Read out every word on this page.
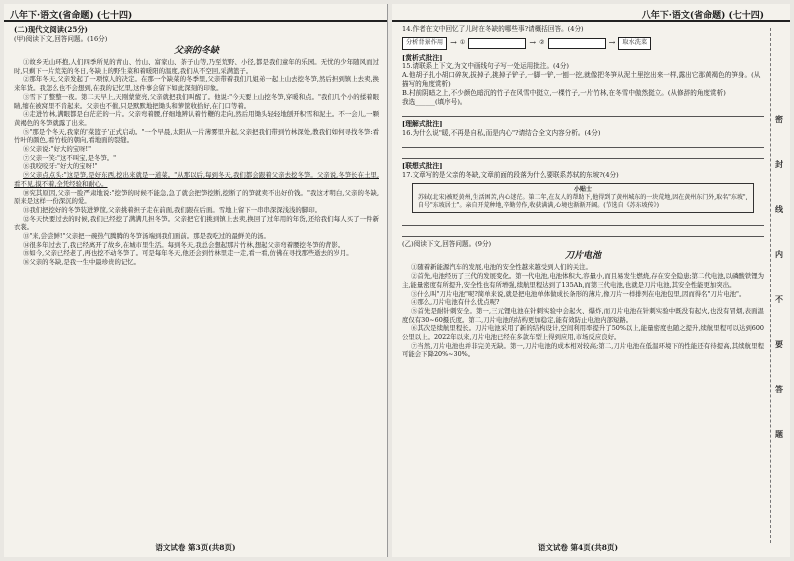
八年下·语文(省命题) (七十四)
(二)现代文阅读(25分)
(甲)阅读下文,回答问题。(16分)
父亲的冬缺

①故乡无山环抱,人们四季所见的青山、竹山、富家山、茶子山等,乃至荒野、小径,都是我们童年的乐园。无忧的少年随风而过时,只剩下一片荒芜的冬日,冬缺上的野生菜和着暖阳的温度,我们从不空回,采满篮子。

②那年冬天,父亲发起了一项惊人的决定。在那一个缺菜的冬季里,父亲带着我们几姐弟一起上山去挖冬笋,然后担到镇上去卖,换来年货。我怎么也不会想到,在我的记忆里,这件事会留下如此深刻的印象。

③雪下了整整一夜。第二天早上,天刚蒙蒙亮,父亲就把我们叫醒了。他说:"今天要上山挖冬笋,穿暖和点。"我们几个小的揉着眼睛,缩在被窝里不肯起来。父亲也不催,只是默默地把锄头和箩筐收拾好,在门口等着。

④走进竹林,满眼都是白茫茫的一片。父亲弯着腰,仔细地辨认着竹鞭的走向,然后用锄头轻轻地刨开积雪和泥土。不一会儿,一颗黄褐色的冬笋就露了出来。

⑤"那是个冬天,我家的'菜篮子'正式启动。"一个早晨,太阳从一片薄雾里升起,父亲把我们带到竹林深处,教我们如何寻找冬笋:看竹叶的颜色,看竹枝的朝向,看地面的裂缝。

⑥父亲说:"好大的宝呀!"

⑦父亲一笑:"这不叫宝,是冬笋。"

⑧我咬咬牙:"好大的宝呀!"

⑨父亲点点头:"这是笋,是好东西,挖出来就是一道菜。"从那以后,每到冬天,我们都会跟着父亲去挖冬笋。父亲说,冬笋长在土里,看不见,摸不着,全凭经验和耐心。

⑩究其原因,父亲一脸严肃地说:"挖笋的时候不能急,急了就会把笋挖断,挖断了的笋就卖不出好价钱。"我这才明白,父亲的冬缺,原来是这样一份深沉的爱。

⑪我们把挖好的冬笋装进箩筐,父亲挑着担子走在前面,我们跟在后面。雪地上留下一串串深深浅浅的脚印。

⑫冬天快要过去的时候,我们已经挖了满满几担冬笋。父亲把它们挑到镇上去卖,换回了过年用的年货,还给我们每人买了一件新衣裳。

⑬"来,尝尝鲜!"父亲把一碗热气腾腾的冬笋汤端到我们面前。那是我吃过的最鲜美的汤。

⑭很多年过去了,我已经离开了故乡,在城市里生活。每到冬天,我总会想起那片竹林,想起父亲弯着腰挖冬笋的背影。

⑮如今,父亲已经老了,再也挖不动冬笋了。可是每年冬天,他还会到竹林里走一走,看一看,仿佛在寻找那些逝去的岁月。

⑯父亲的冬缺,是我一生中最珍贵的记忆。

语文试卷 第3页(共8页)
八年下·语文(省命题) (七十四)
14.作者在文中回忆了儿时在冬缺的哪些事?请概括回答。(4分)
分析背景作用 → ①	→ ②	→	取水洗菜
[赏析式批注]
15.请联系上下文,为文中画线句子写一处运用批注。(4分)
A.他胡子扎小胡口碎灰,拔掉子,挑掉子铲子,一脚一铲,一刨一挖,就像把冬笋从泥土里挖出来一样,露出它那黄褐色的笋身。(从描写的角度赏析)
B.村前阴暗之上,不少颜色暗沉的竹子在风雪中挺立,一棵竹子,一片竹林,在冬雪中傲然挺立。(从修辞的角度赏析)
我选______(填序号)。
[理解式批注]
16.为什么说"暖,不再是自私,而是内心"?请结合全文内容分析。(4分)
[联想式批注]
17.文章写的是父亲的冬缺,文章前面的段落为什么要联系苏轼的东坡?(4分)
小贴士
苏轼(北宋)被贬黄州,生活困苦,内心迷茫。第二年,在友人的帮助下,他得到了黄州城东的一块荒地,因在黄州东门外,取名"东坡",自号"东坡居士"。亲自开荒种地,辛勤劳作,收获满满,心境也渐渐开阔。(节选自《苏东坡传》)
(乙)阅读下文,回答问题。(9分)
刀片电池

①随着新能源汽车的发展,电池的安全性越来越受到人们的关注。

②首先,电池经历了三代的发展变化。第一代电池,电池体积大,容量小,而且易发生燃烧,存在安全隐患;第二代电池,以磷酸铁锂为主,能量密度有所提升,安全性也有所增强,续航里程达到了135Ah,而第三代电池,也就是刀片电池,其安全性能更加突出。

③什么叫"刀片电池"呢?简单来说,就是把电池单体做成长条形的薄片,像刀片一样排列在电池包里,因而得名"刀片电池"。

④那么,刀片电池有什么优点呢?

⑤首先是耐针刺安全。第一,三元锂电池在针刺实验中会起火、爆炸,而刀片电池在针刺实验中既没有起火,也没有冒烟,表面温度仅有30~60摄氏度。第二,刀片电池的结构更加稳定,能有效防止电池内部短路。

⑥其次是续航里程长。刀片电池采用了新的结构设计,空间利用率提升了50%以上,能量密度也随之提升,续航里程可以达到600公里以上。2022年以来,刀片电池已经在多款车型上得到应用,市场反应良好。

⑦当然,刀片电池也并非完美无缺。第一,刀片电池的成本相对较高;第二,刀片电池在低温环境下的性能还有待提高,其续航里程可能会下降20%~30%。

密
封
线
内
不
要
答
题
语文试卷 第4页(共8页)
